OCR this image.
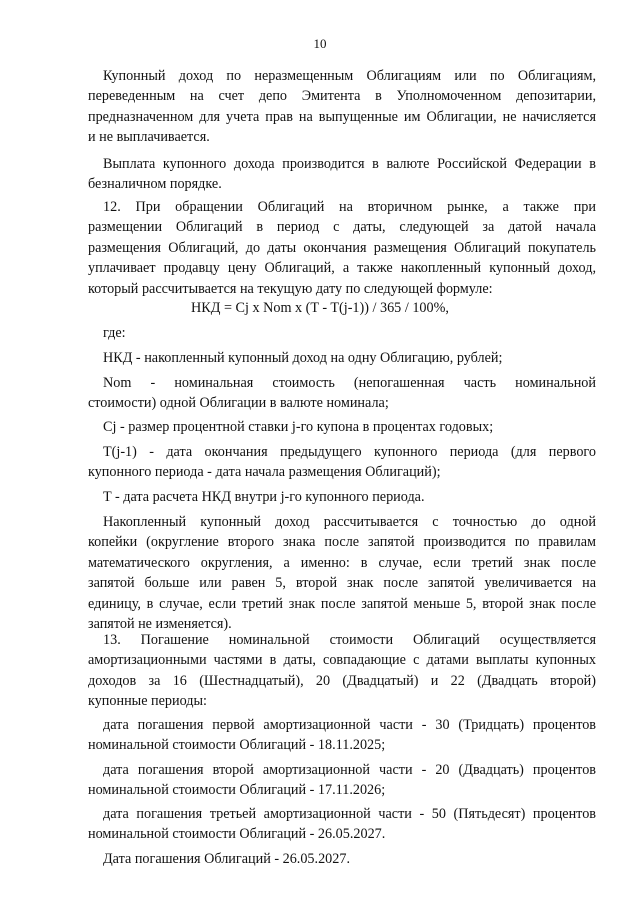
10
Купонный доход по неразмещенным Облигациям или по Облигациям,
переведенным на счет депо Эмитента в Уполномоченном депозитарии,
предназначенном для учета прав на выпущенные им Облигации, не начисляется
и не выплачивается.
Выплата купонного дохода производится в валюте Российской Федерации в
безналичном порядке.
12. При обращении Облигаций на вторичном рынке, а также при
размещении Облигаций в период с даты, следующей за датой начала
размещения Облигаций, до даты окончания размещения Облигаций покупатель
уплачивает продавцу цену Облигаций, а также накопленный купонный доход,
который рассчитывается на текущую дату по следующей формуле:
НКД = Cj x Nom x (T - T(j-1)) / 365 / 100%,
где:
НКД - накопленный купонный доход на одну Облигацию, рублей;
Nom - номинальная стоимость (непогашенная часть номинальной
стоимости) одной Облигации в валюте номинала;
Cj - размер процентной ставки j-го купона в процентах годовых;
T(j-1) - дата окончания предыдущего купонного периода (для первого
купонного периода - дата начала размещения Облигаций);
T - дата расчета НКД внутри j-го купонного периода.
Накопленный купонный доход рассчитывается с точностью до одной
копейки (округление второго знака после запятой производится по правилам
математического округления, а именно: в случае, если третий знак после
запятой больше или равен 5, второй знак после запятой увеличивается на
единицу, в случае, если третий знак после запятой меньше 5, второй знак после
запятой не изменяется).
13. Погашение номинальной стоимости Облигаций осуществляется
амортизационными частями в даты, совпадающие с датами выплаты купонных
доходов за 16 (Шестнадцатый), 20 (Двадцатый) и 22 (Двадцать второй)
купонные периоды:
дата погашения первой амортизационной части - 30 (Тридцать) процентов
номинальной стоимости Облигаций - 18.11.2025;
дата погашения второй амортизационной части - 20 (Двадцать) процентов
номинальной стоимости Облигаций - 17.11.2026;
дата погашения третьей амортизационной части - 50 (Пятьдесят) процентов
номинальной стоимости Облигаций - 26.05.2027.
Дата погашения Облигаций - 26.05.2027.
